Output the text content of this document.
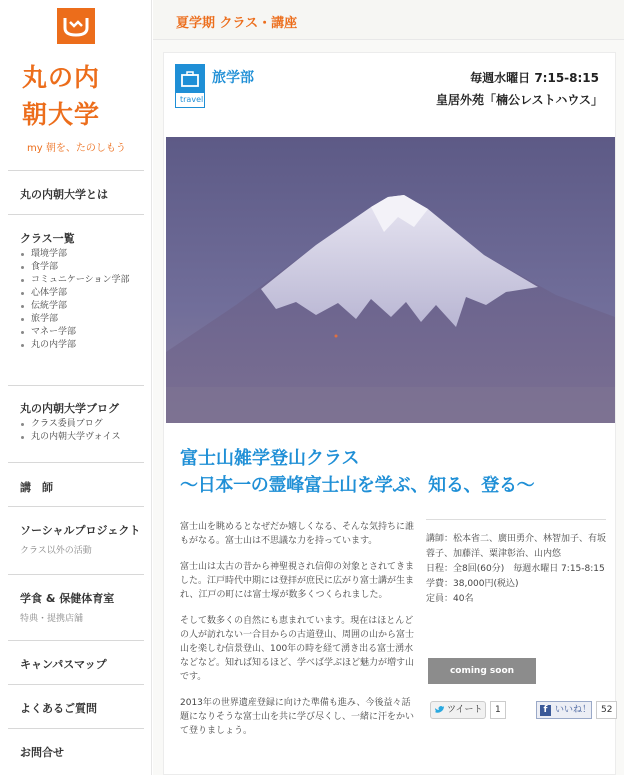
丸の内
朝大学
my 朝を、たのしもう
丸の内朝大学とは
クラス一覧
環境学部
食学部
コミュニケーション学部
心体学部
伝統学部
旅学部
マネー学部
丸の内学部
丸の内朝大学ブログ
クラス委員ブログ
丸の内朝大学ヴォイス
講　師
ソーシャルプロジェクト
クラス以外の活動
学食 & 保健体育室
特典・提携店舗
キャンパスマップ
よくあるご質問
お問合せ
夏学期 クラス・講座
travel
旅学部	毎週水曜日 7:15-8:15
皇居外苑「楠公レストハウス」
富士山雑学登山クラス
〜日本一の霊峰富士山を学ぶ、知る、登る〜

富士山を眺めるとなぜだか嬉しくなる、そんな気持ちに誰もがなる。富士山は不思議な力を持っています。

富士山は太古の昔から神聖視され信仰の対象とされてきました。江戸時代中期には登拝が庶民に広がり富士講が生まれ、江戸の町には富士塚が数多くつくられました。

そして数多くの自然にも恵まれています。現在はほとんどの人が訪れない一合目からの古道登山、周囲の山から富士山を楽しむ信景登山、100年の時を経て湧き出る富士湧水などなど。知れば知るほど、学べば学ぶほど魅力が増す山です。

2013年の世界遺産登録に向けた準備も進み、今後益々話題になりそうな富士山を共に学び尽くし、一緒に汗をかいて登りましょう。

講師：松本省二、廣田勇介、林智加子、有坂蓉子、加藤洋、粟津彰治、山内悠

日程：全8回(60分)　毎週水曜日 7:15-8:15

学費：38,000円(税込)

定員：40名

coming soon
ツイート	1	f いいね！	52
